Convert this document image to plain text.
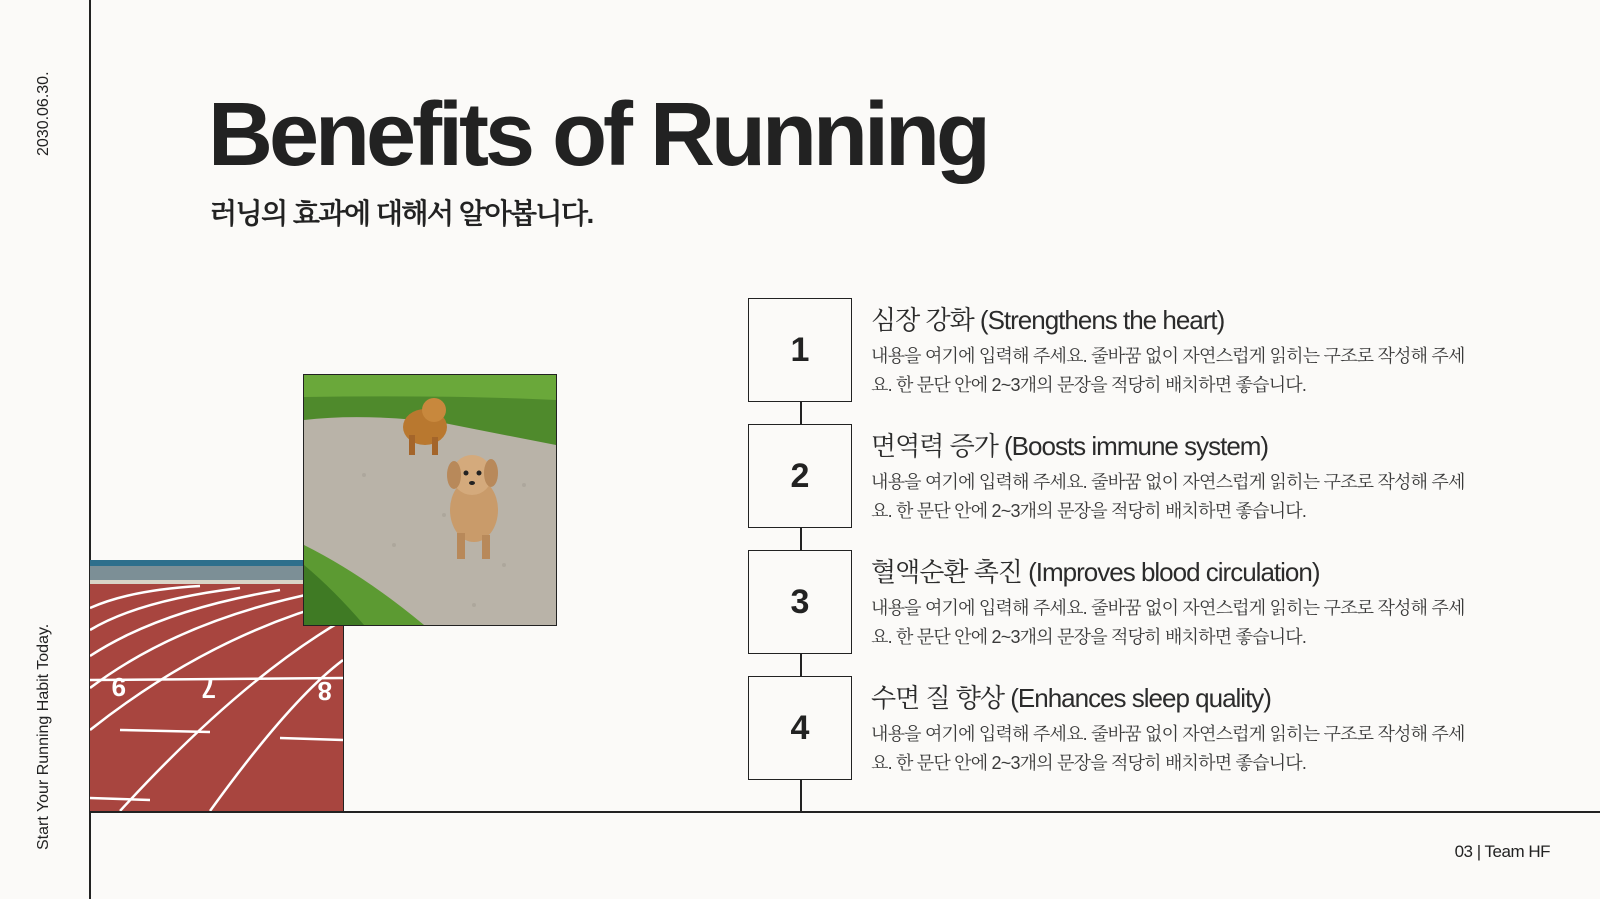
2030.06.30.
Start Your Running Habit Today.
Benefits of Running
러닝의 효과에 대해서 알아봅니다.
9	7	8
1
심장 강화 (Strengthens the heart)

내용을 여기에 입력해 주세요. 줄바꿈 없이 자연스럽게 읽히는 구조로 작성해 주세요. 한 문단 안에 2~3개의 문장을 적당히 배치하면 좋습니다.

2
면역력 증가 (Boosts immune system)

내용을 여기에 입력해 주세요. 줄바꿈 없이 자연스럽게 읽히는 구조로 작성해 주세요. 한 문단 안에 2~3개의 문장을 적당히 배치하면 좋습니다.

3
혈액순환 촉진 (Improves blood circulation)

내용을 여기에 입력해 주세요. 줄바꿈 없이 자연스럽게 읽히는 구조로 작성해 주세요. 한 문단 안에 2~3개의 문장을 적당히 배치하면 좋습니다.

4
수면 질 향상 (Enhances sleep quality)

내용을 여기에 입력해 주세요. 줄바꿈 없이 자연스럽게 읽히는 구조로 작성해 주세요. 한 문단 안에 2~3개의 문장을 적당히 배치하면 좋습니다.

03 | Team HF
